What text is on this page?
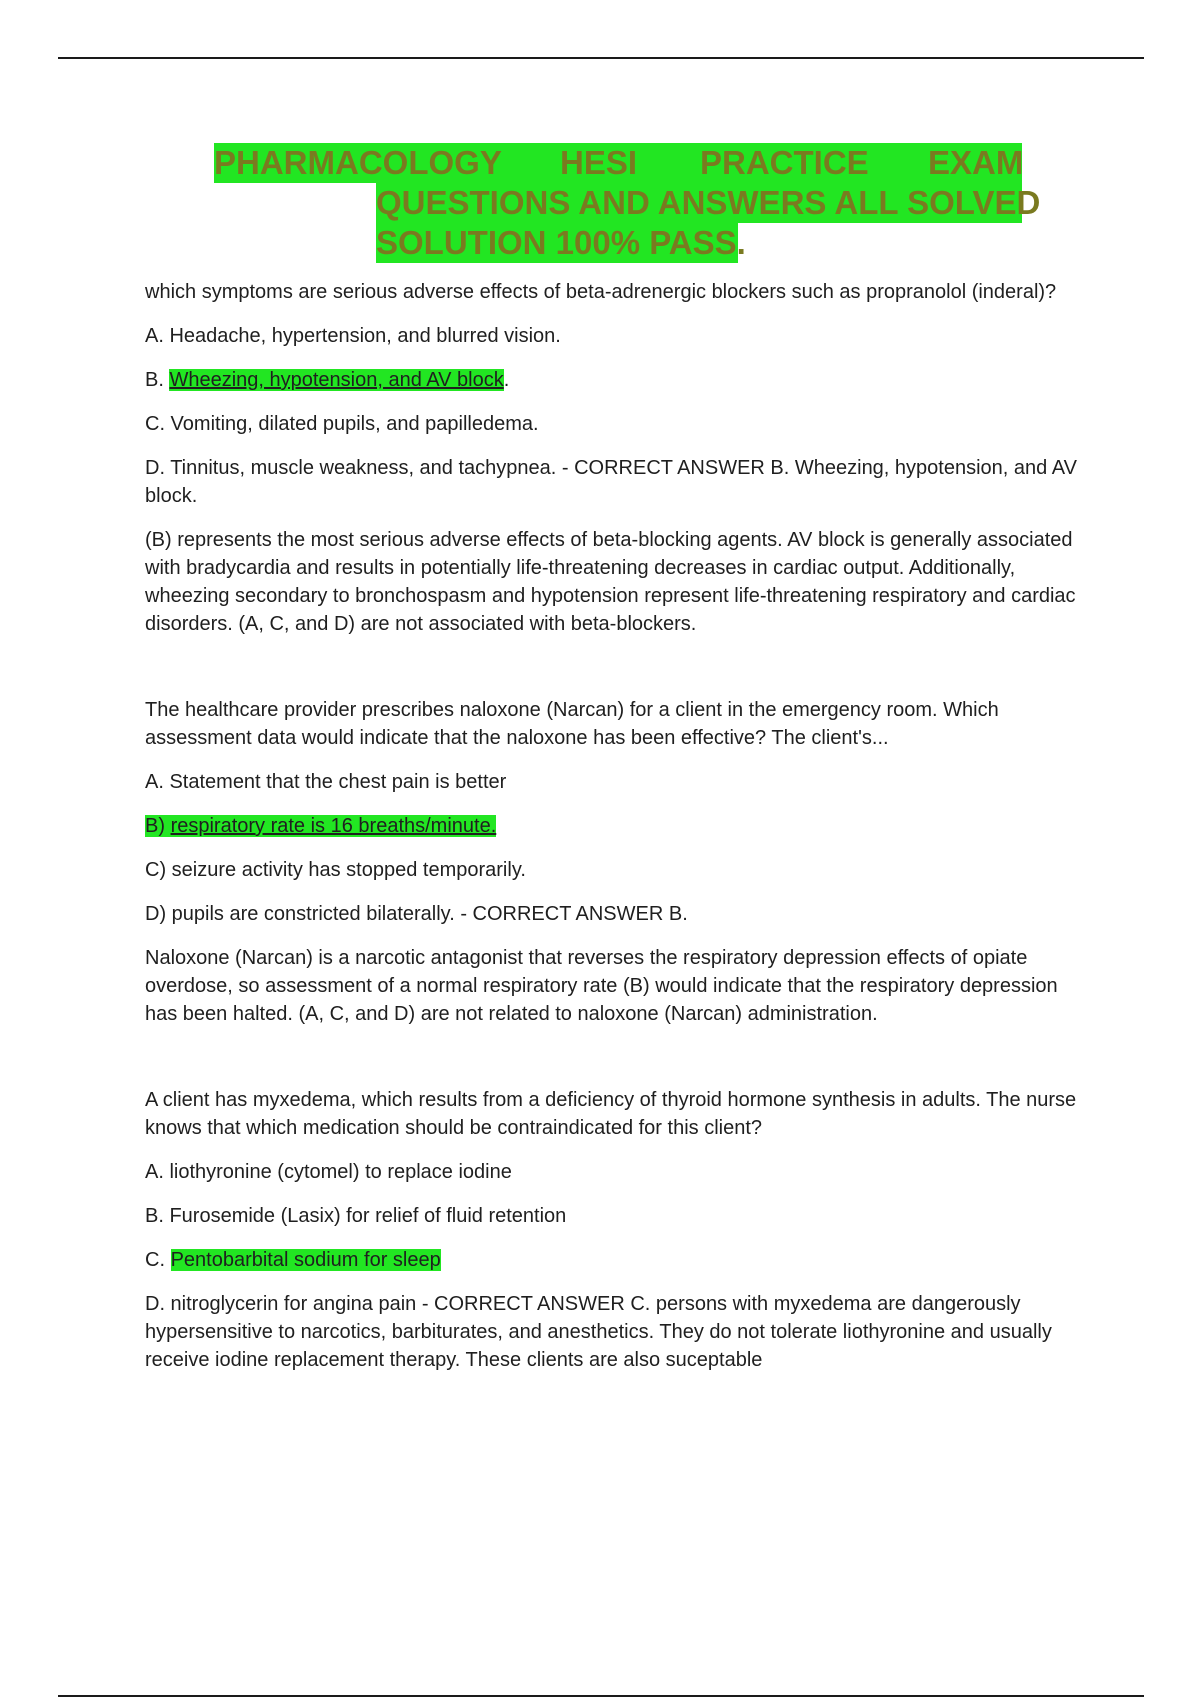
PHARMACOLOGY HESI PRACTICE EXAM
QUESTIONS AND ANSWERS ALL SOLVED
SOLUTION 100% PASS.

which symptoms are serious adverse effects of beta-adrenergic blockers such as propranolol (inderal)?

A. Headache, hypertension, and blurred vision.

B. Wheezing, hypotension, and AV block.

C. Vomiting, dilated pupils, and papilledema.

D. Tinnitus, muscle weakness, and tachypnea. - CORRECT ANSWER B. Wheezing, hypotension, and AV block.

(B) represents the most serious adverse effects of beta-blocking agents. AV block is generally associated with bradycardia and results in potentially life-threatening decreases in cardiac output. Additionally, wheezing secondary to bronchospasm and hypotension represent life-threatening respiratory and cardiac disorders. (A, C, and D) are not associated with beta-blockers.

The healthcare provider prescribes naloxone (Narcan) for a client in the emergency room. Which assessment data would indicate that the naloxone has been effective? The client's...

A. Statement that the chest pain is better

B) respiratory rate is 16 breaths/minute.

C) seizure activity has stopped temporarily.

D) pupils are constricted bilaterally. - CORRECT ANSWER B.

Naloxone (Narcan) is a narcotic antagonist that reverses the respiratory depression effects of opiate overdose, so assessment of a normal respiratory rate (B) would indicate that the respiratory depression has been halted. (A, C, and D) are not related to naloxone (Narcan) administration.

A client has myxedema, which results from a deficiency of thyroid hormone synthesis in adults. The nurse knows that which medication should be contraindicated for this client?

A. liothyronine (cytomel) to replace iodine

B. Furosemide (Lasix) for relief of fluid retention

C. Pentobarbital sodium for sleep

D. nitroglycerin for angina pain - CORRECT ANSWER C. persons with myxedema are dangerously hypersensitive to narcotics, barbiturates, and anesthetics. They do not tolerate liothyronine and usually receive iodine replacement therapy. These clients are also suceptable
